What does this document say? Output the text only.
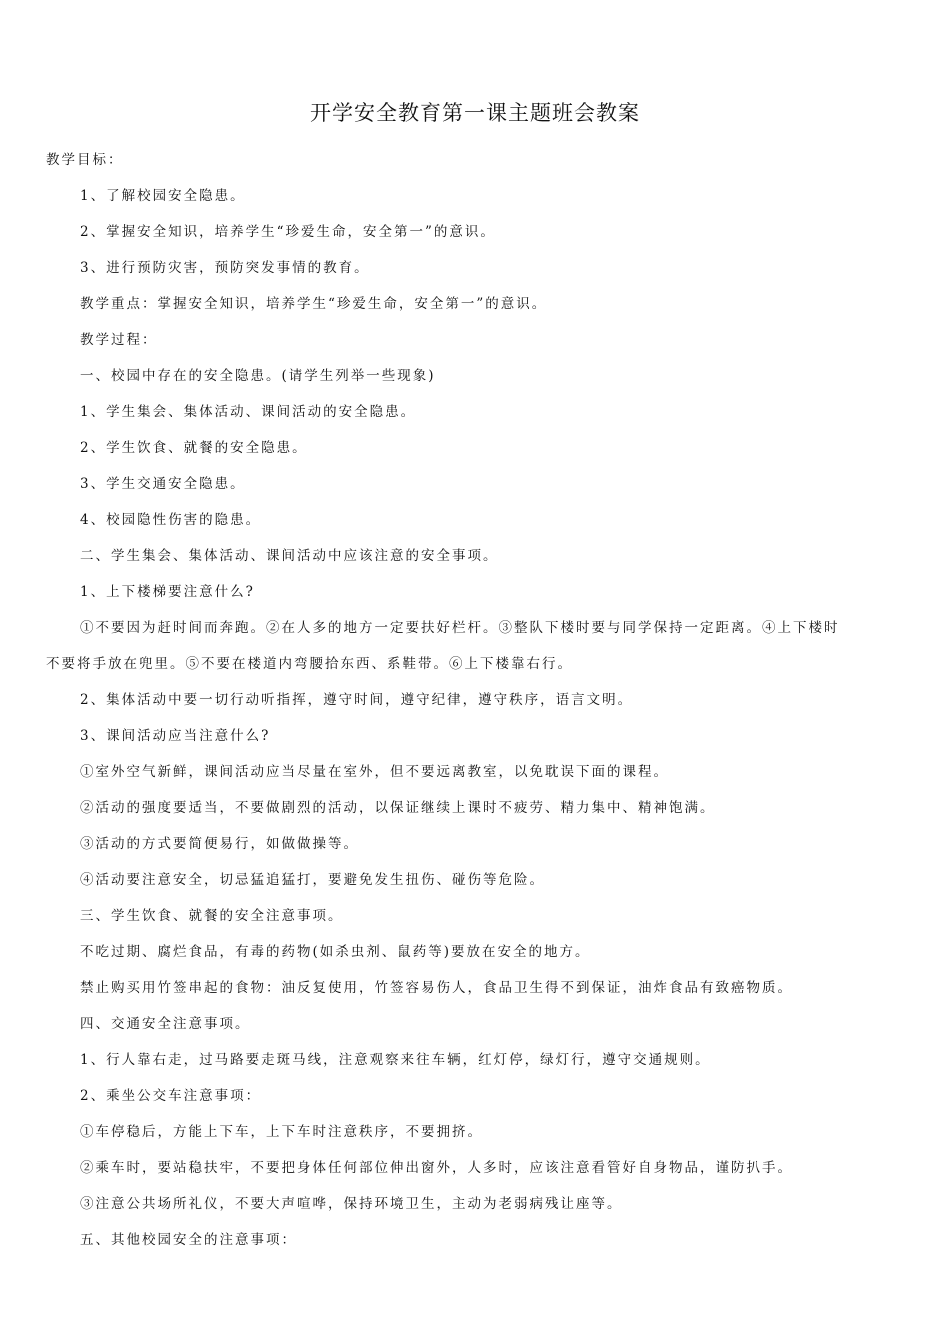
开学安全教育第一课主题班会教案
教学目标：
1、了解校园安全隐患。
2、掌握安全知识，培养学生“珍爱生命，安全第一”的意识。
3、进行预防灾害，预防突发事情的教育。
教学重点：掌握安全知识，培养学生“珍爱生命，安全第一”的意识。
教学过程：
一、校园中存在的安全隐患。(请学生列举一些现象)
1、学生集会、集体活动、课间活动的安全隐患。
2、学生饮食、就餐的安全隐患。
3、学生交通安全隐患。
4、校园隐性伤害的隐患。
二、学生集会、集体活动、课间活动中应该注意的安全事项。
1、上下楼梯要注意什么?
①不要因为赶时间而奔跑。②在人多的地方一定要扶好栏杆。③整队下楼时要与同学保持一定距离。④上下楼时
不要将手放在兜里。⑤不要在楼道内弯腰拾东西、系鞋带。⑥上下楼靠右行。
2、集体活动中要一切行动听指挥，遵守时间，遵守纪律，遵守秩序，语言文明。
3、课间活动应当注意什么?
①室外空气新鲜，课间活动应当尽量在室外，但不要远离教室，以免耽误下面的课程。
②活动的强度要适当，不要做剧烈的活动，以保证继续上课时不疲劳、精力集中、精神饱满。
③活动的方式要简便易行，如做做操等。
④活动要注意安全，切忌猛追猛打，要避免发生扭伤、碰伤等危险。
三、学生饮食、就餐的安全注意事项。
不吃过期、腐烂食品，有毒的药物(如杀虫剂、鼠药等)要放在安全的地方。
禁止购买用竹签串起的食物：油反复使用，竹签容易伤人，食品卫生得不到保证，油炸食品有致癌物质。
四、交通安全注意事项。
1、行人靠右走，过马路要走斑马线，注意观察来往车辆，红灯停，绿灯行，遵守交通规则。
2、乘坐公交车注意事项：
①车停稳后，方能上下车，上下车时注意秩序，不要拥挤。
②乘车时，要站稳扶牢，不要把身体任何部位伸出窗外，人多时，应该注意看管好自身物品，谨防扒手。
③注意公共场所礼仪，不要大声喧哗，保持环境卫生，主动为老弱病残让座等。
五、其他校园安全的注意事项：
